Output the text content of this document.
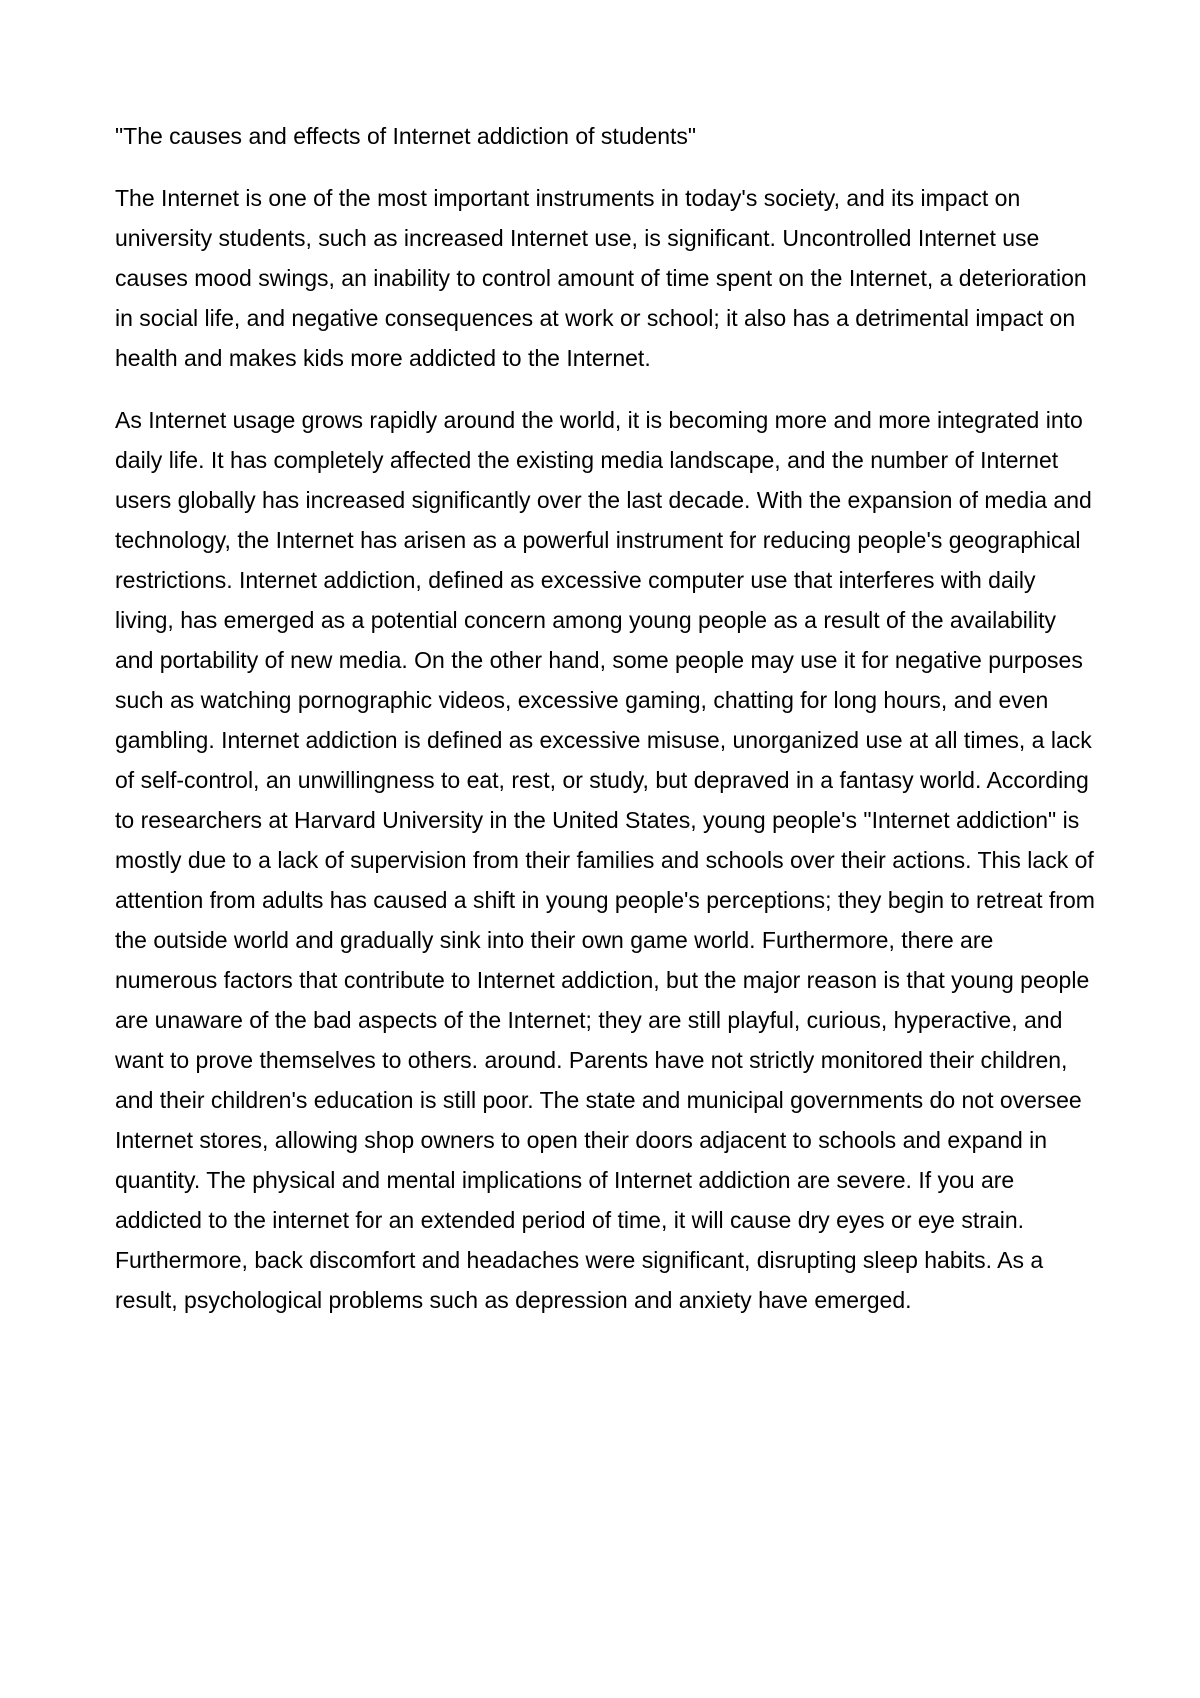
"The causes and effects of Internet addiction of students"

The Internet is one of the most important instruments in today's society, and its impact on university students, such as increased Internet use, is significant. Uncontrolled Internet use causes mood swings, an inability to control amount of time spent on the Internet, a deterioration in social life, and negative consequences at work or school; it also has a detrimental impact on health and makes kids more addicted to the Internet.

As Internet usage grows rapidly around the world, it is becoming more and more integrated into daily life. It has completely affected the existing media landscape, and the number of Internet users globally has increased significantly over the last decade. With the expansion of media and technology, the Internet has arisen as a powerful instrument for reducing people's geographical restrictions. Internet addiction, defined as excessive computer use that interferes with daily living, has emerged as a potential concern among young people as a result of the availability and portability of new media. On the other hand, some people may use it for negative purposes such as watching pornographic videos, excessive gaming, chatting for long hours, and even gambling. Internet addiction is defined as excessive misuse, unorganized use at all times, a lack of self-control, an unwillingness to eat, rest, or study, but depraved in a fantasy world. According to researchers at Harvard University in the United States, young people's "Internet addiction" is mostly due to a lack of supervision from their families and schools over their actions. This lack of attention from adults has caused a shift in young people's perceptions; they begin to retreat from the outside world and gradually sink into their own game world. Furthermore, there are numerous factors that contribute to Internet addiction, but the major reason is that young people are unaware of the bad aspects of the Internet; they are still playful, curious, hyperactive, and want to prove themselves to others. around. Parents have not strictly monitored their children, and their children's education is still poor. The state and municipal governments do not oversee Internet stores, allowing shop owners to open their doors adjacent to schools and expand in quantity. The physical and mental implications of Internet addiction are severe. If you are addicted to the internet for an extended period of time, it will cause dry eyes or eye strain. Furthermore, back discomfort and headaches were significant, disrupting sleep habits. As a result, psychological problems such as depression and anxiety have emerged.
